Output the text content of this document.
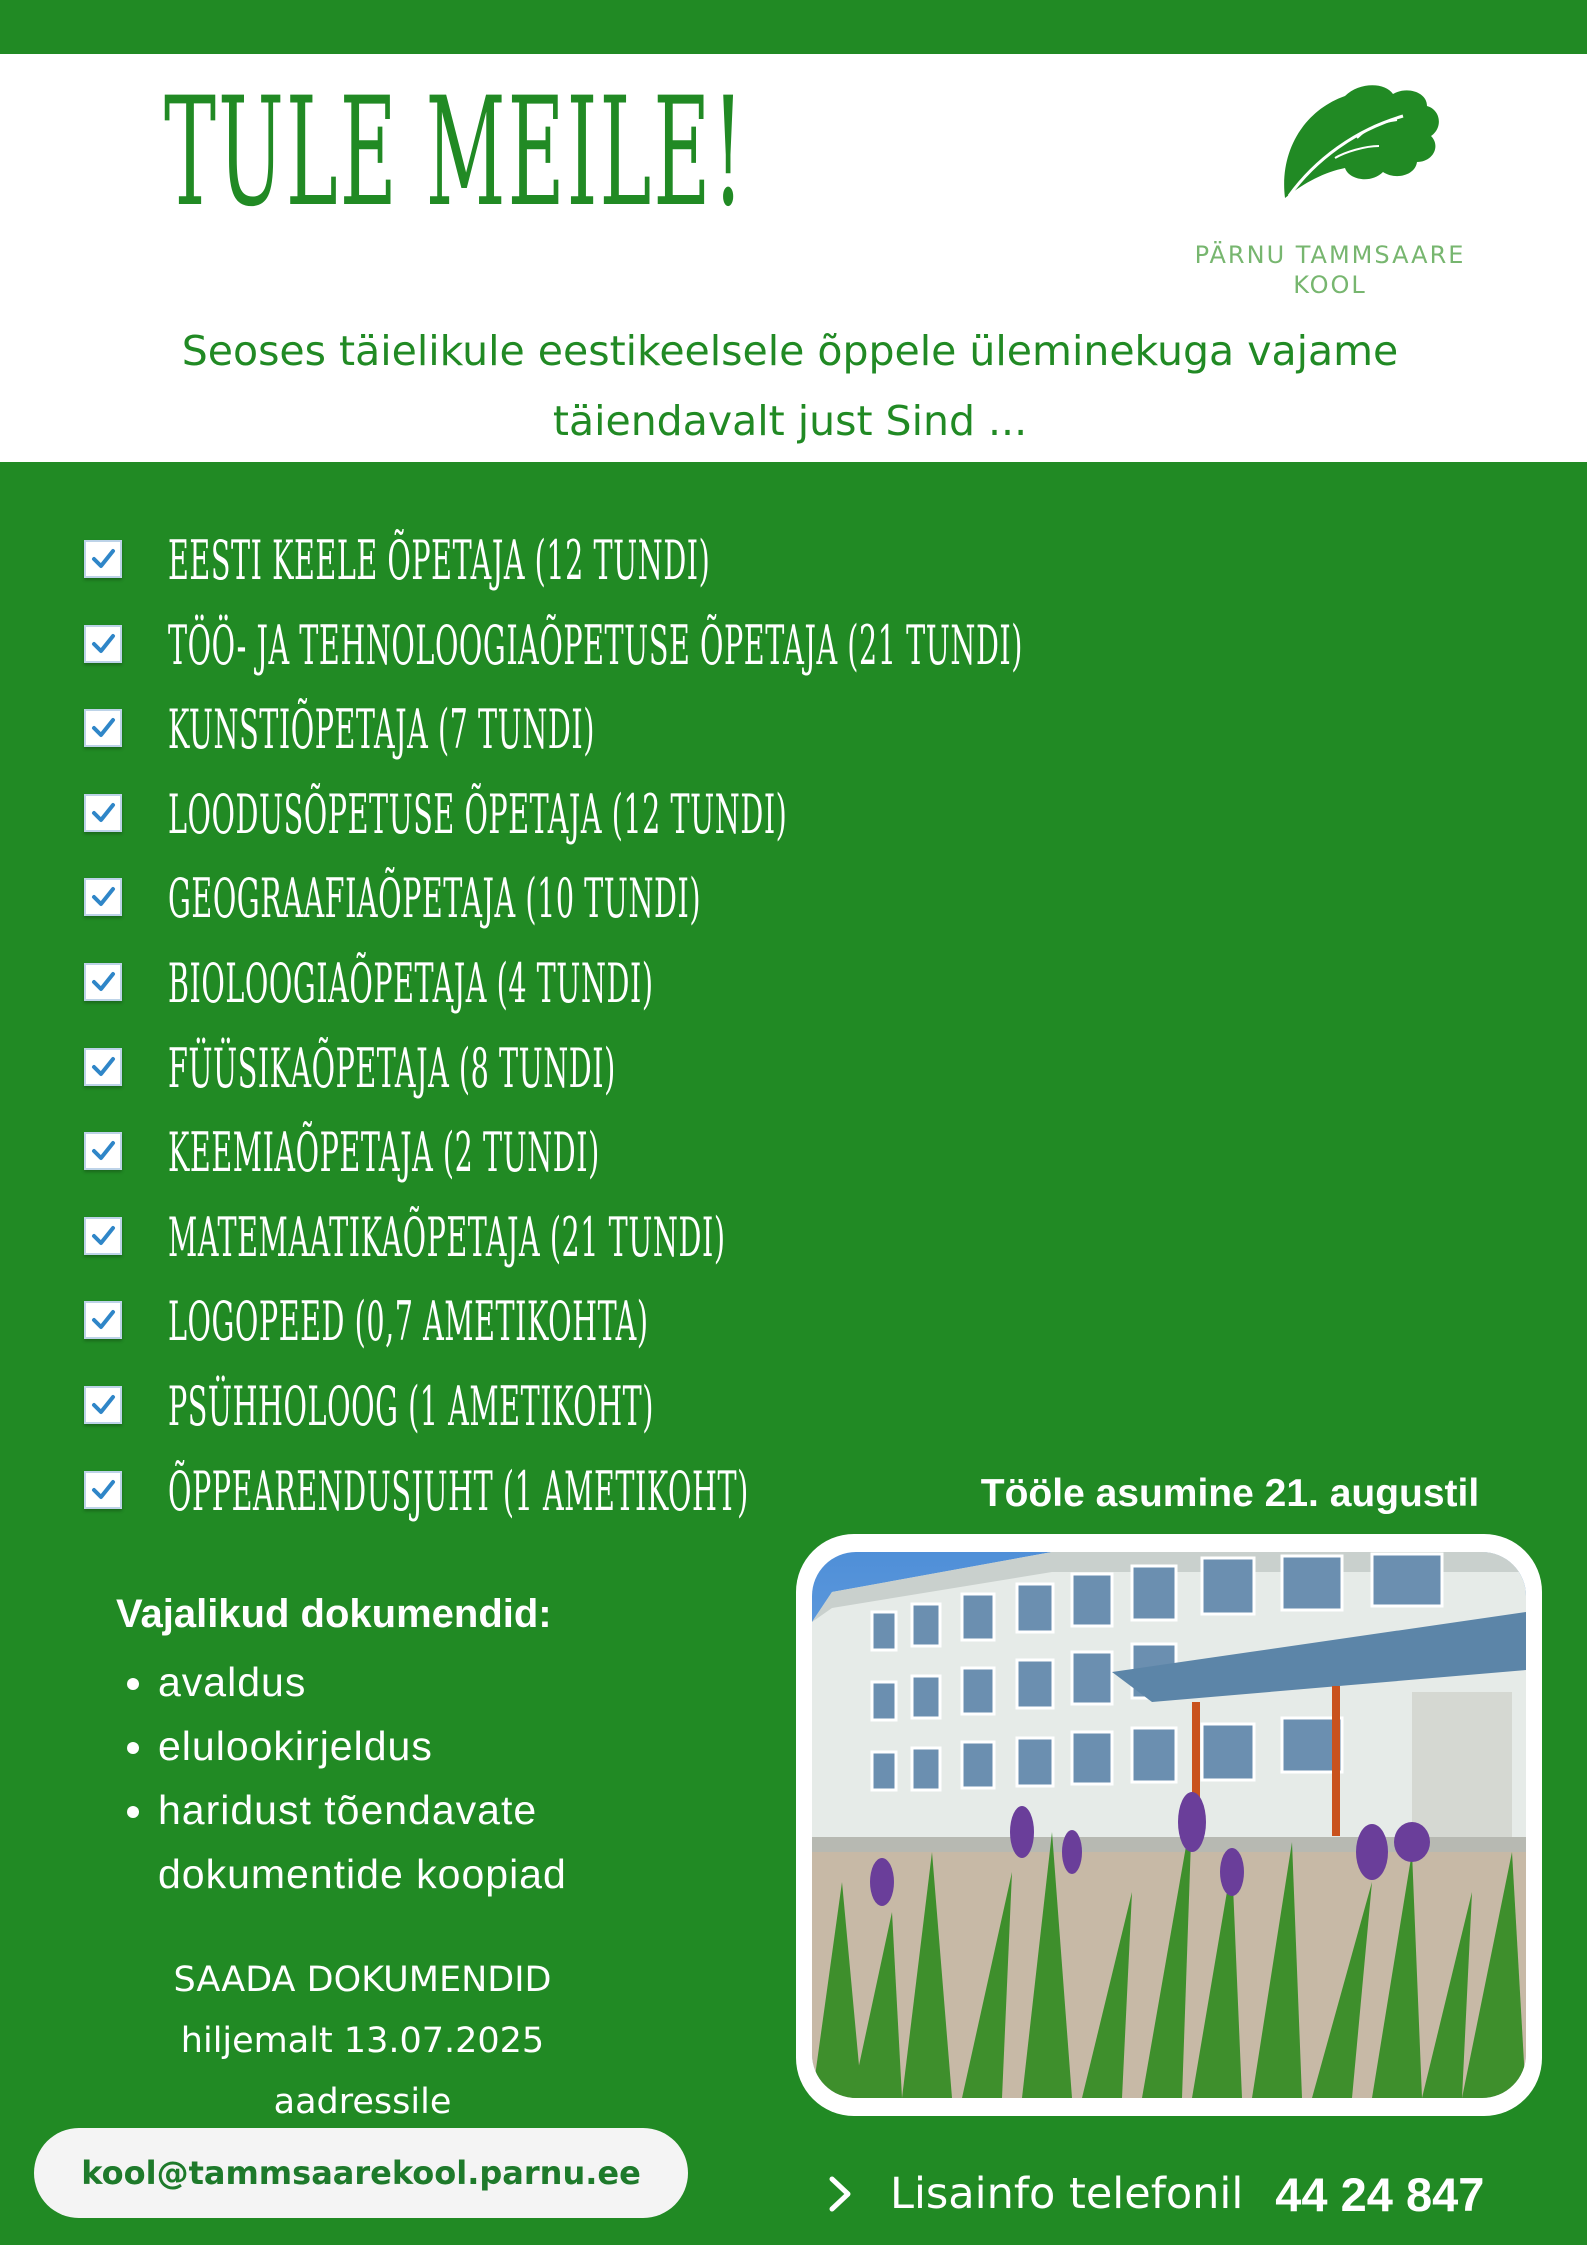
TULE MEILE!
PÄRNU TAMMSAARE
KOOL
Seoses täielikule eestikeelsele õppele üleminekuga vajame
täiendavalt just Sind ...
EESTI KEELE ÕPETAJA (12 TUNDI)
TÖÖ- JA TEHNOLOOGIAÕPETUSE ÕPETAJA (21 TUNDI)
KUNSTIÕPETAJA (7 TUNDI)
LOODUSÕPETUSE ÕPETAJA (12 TUNDI)
GEOGRAAFIAÕPETAJA (10 TUNDI)
BIOLOOGIAÕPETAJA (4 TUNDI)
FÜÜSIKAÕPETAJA (8 TUNDI)
KEEMIAÕPETAJA (2 TUNDI)
MATEMAATIKAÕPETAJA (21 TUNDI)
LOGOPEED (0,7 AMETIKOHTA)
PSÜHHOLOOG (1 AMETIKOHT)
ÕPPEARENDUSJUHT (1 AMETIKOHT)	Tööle asumine 21. augustil
Vajalikud dokumendid:
• avaldus
• elulookirjeldus
• haridust tõendavate dokumentide koopiad
SAADA DOKUMENDID
hiljemalt 13.07.2025
aadressile
kool@tammsaarekool.parnu.ee	Lisainfo telefonil 44 24 847
